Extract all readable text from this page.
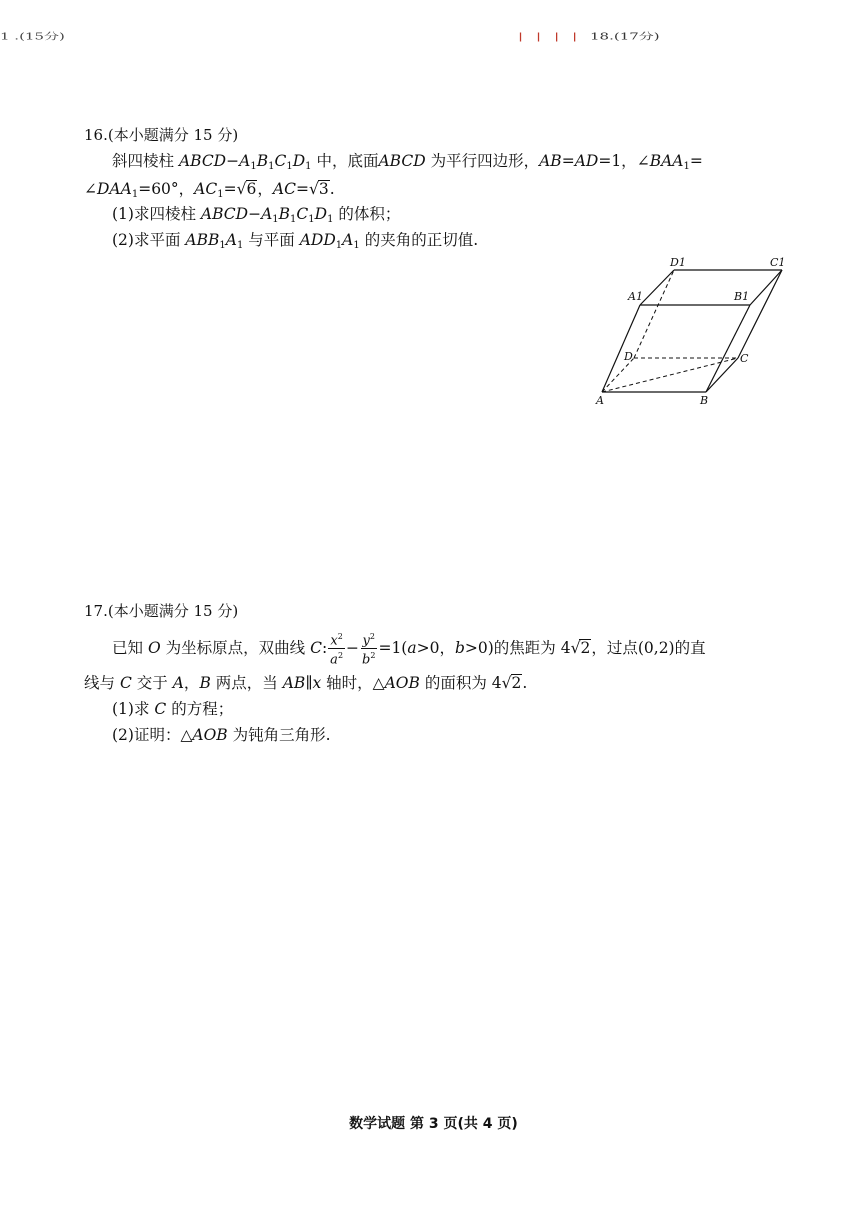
1 .(15分)	| | | | 18.(17分)
16.(本小题满分 15 分)
斜四棱柱 $ABCD-A_1B_1C_1D_1$ 中，底面ABCD 为平行四边形，AB=AD=1，$\angle BAA_1=$
$\angle DAA_1=60^\circ$，$AC_1=√6$，AC=√3.
(1)求四棱柱 $ABCD-A_1B_1C_1D_1$ 的体积；
(2)求平面 $ABB_1A_1$ 与平面 $ADD_1A_1$ 的夹角的正切值.
D1	C1
A1	B1
D	C
A	B
17.(本小题满分 15 分)
已知 O 为坐标原点，双曲线 C: $\frac{x^2}{a^2} - \frac{y^2}{b^2} =1(a>0$，b>0)的焦距为 4√2，过点(0,2)的直
线与 C 交于 A，B 两点，当 AB∥x 轴时，△AOB 的面积为 4√2.
(1)求 C 的方程；
(2)证明：△AOB 为钝角三角形.
数学试题 第 3 页(共 4 页)
